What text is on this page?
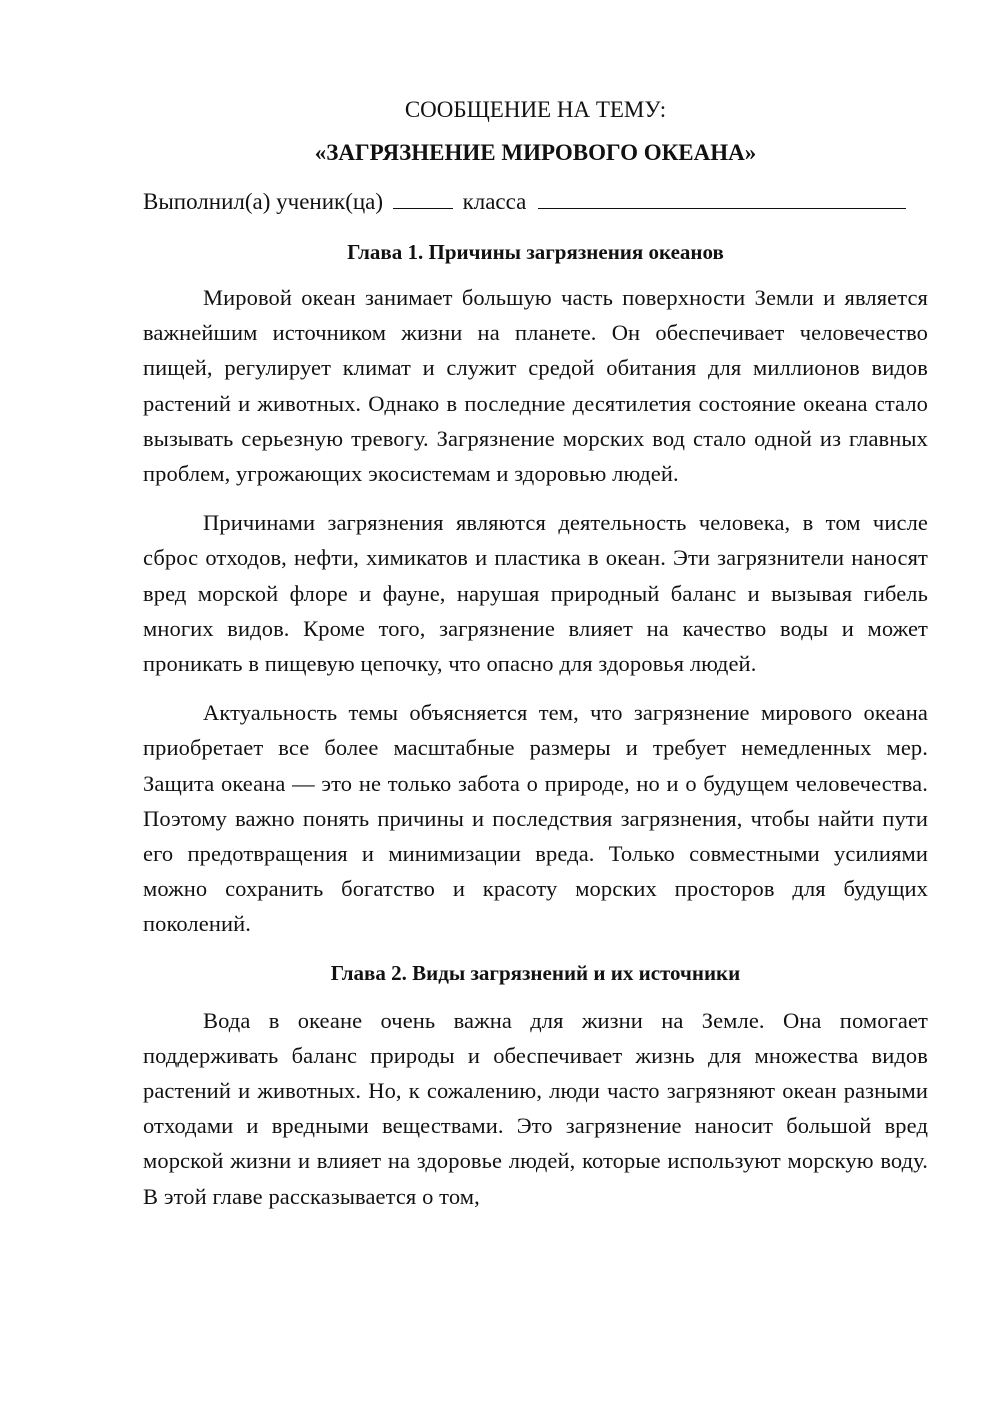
СООБЩЕНИЕ НА ТЕМУ:

«ЗАГРЯЗНЕНИЕ МИРОВОГО ОКЕАНА»

Выполнил(а) ученик(ца)	класса
Глава 1. Причины загрязнения океанов

Мировой океан занимает большую часть поверхности Земли и является важнейшим источником жизни на планете. Он обеспечивает человечество пищей, регулирует климат и служит средой обитания для миллионов видов растений и животных. Однако в последние десятилетия состояние океана стало вызывать серьезную тревогу. Загрязнение морских вод стало одной из главных проблем, угрожающих экосистемам и здоровью людей.

Причинами загрязнения являются деятельность человека, в том числе сброс отходов, нефти, химикатов и пластика в океан. Эти загрязнители наносят вред морской флоре и фауне, нарушая природный баланс и вызывая гибель многих видов. Кроме того, загрязнение влияет на качество воды и может проникать в пищевую цепочку, что опасно для здоровья людей.

Актуальность темы объясняется тем, что загрязнение мирового океана приобретает все более масштабные размеры и требует немедленных мер. Защита океана — это не только забота о природе, но и о будущем человечества. Поэтому важно понять причины и последствия загрязнения, чтобы найти пути его предотвращения и минимизации вреда. Только совместными усилиями можно сохранить богатство и красоту морских просторов для будущих поколений.

Глава 2. Виды загрязнений и их источники

Вода в океане очень важна для жизни на Земле. Она помогает поддерживать баланс природы и обеспечивает жизнь для множества видов растений и животных. Но, к сожалению, люди часто загрязняют океан разными отходами и вредными веществами. Это загрязнение наносит большой вред морской жизни и влияет на здоровье людей, которые используют морскую воду. В этой главе рассказывается о том,
